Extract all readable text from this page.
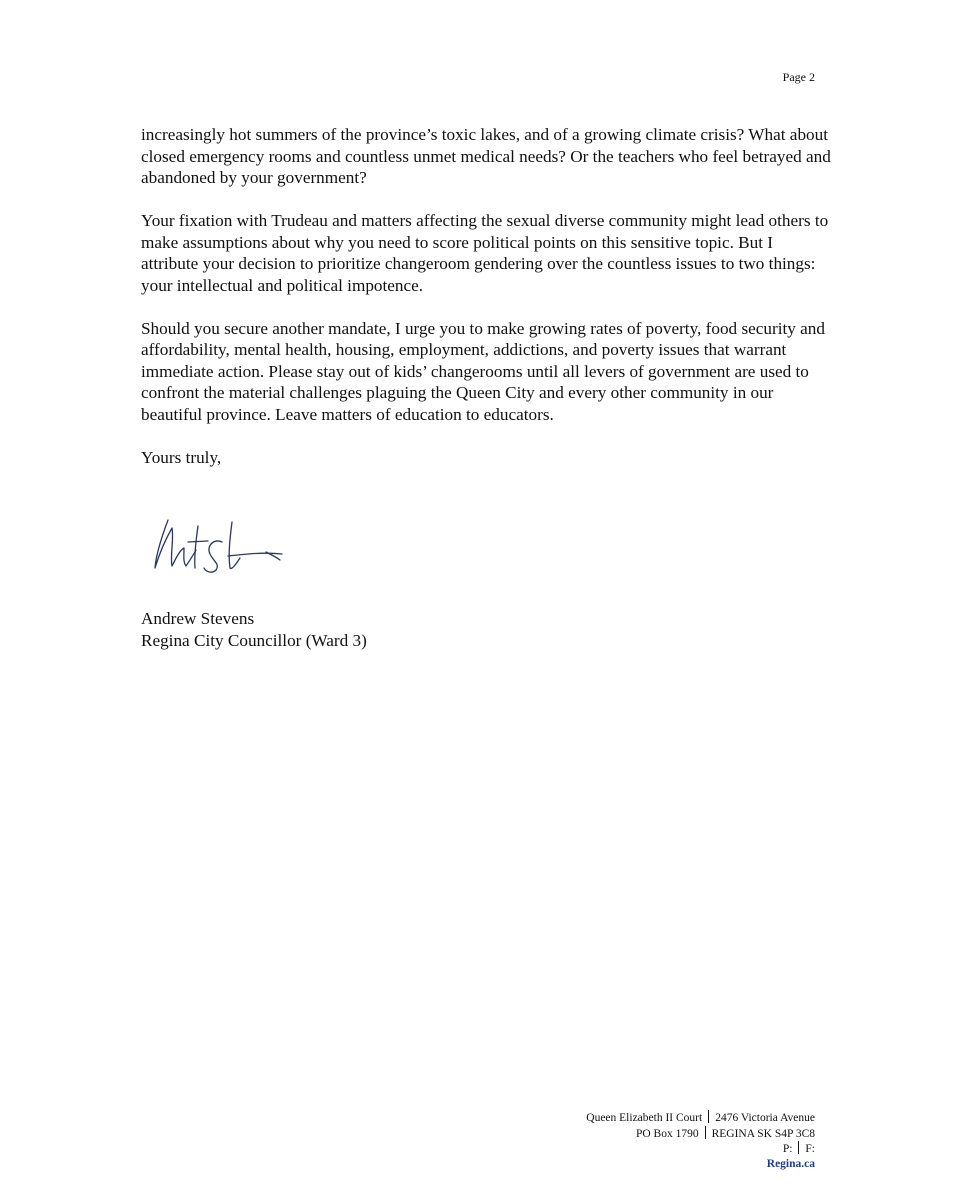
Page 2

increasingly hot summers of the province’s toxic lakes, and of a growing climate crisis? What about closed emergency rooms and countless unmet medical needs? Or the teachers who feel betrayed and abandoned by your government?

Your fixation with Trudeau and matters affecting the sexual diverse community might lead others to make assumptions about why you need to score political points on this sensitive topic. But I attribute your decision to prioritize changeroom gendering over the countless issues to two things: your intellectual and political impotence.

Should you secure another mandate, I urge you to make growing rates of poverty, food security and affordability, mental health, housing, employment, addictions, and poverty issues that warrant immediate action. Please stay out of kids’ changerooms until all levers of government are used to confront the material challenges plaguing the Queen City and every other community in our beautiful province. Leave matters of education to educators.

Yours truly,

Andrew Stevens
Regina City Councillor (Ward 3)
Queen Elizabeth II Court 2476 Victoria Avenue
PO Box 1790 REGINA SK S4P 3C8
P: F:
Regina.ca
